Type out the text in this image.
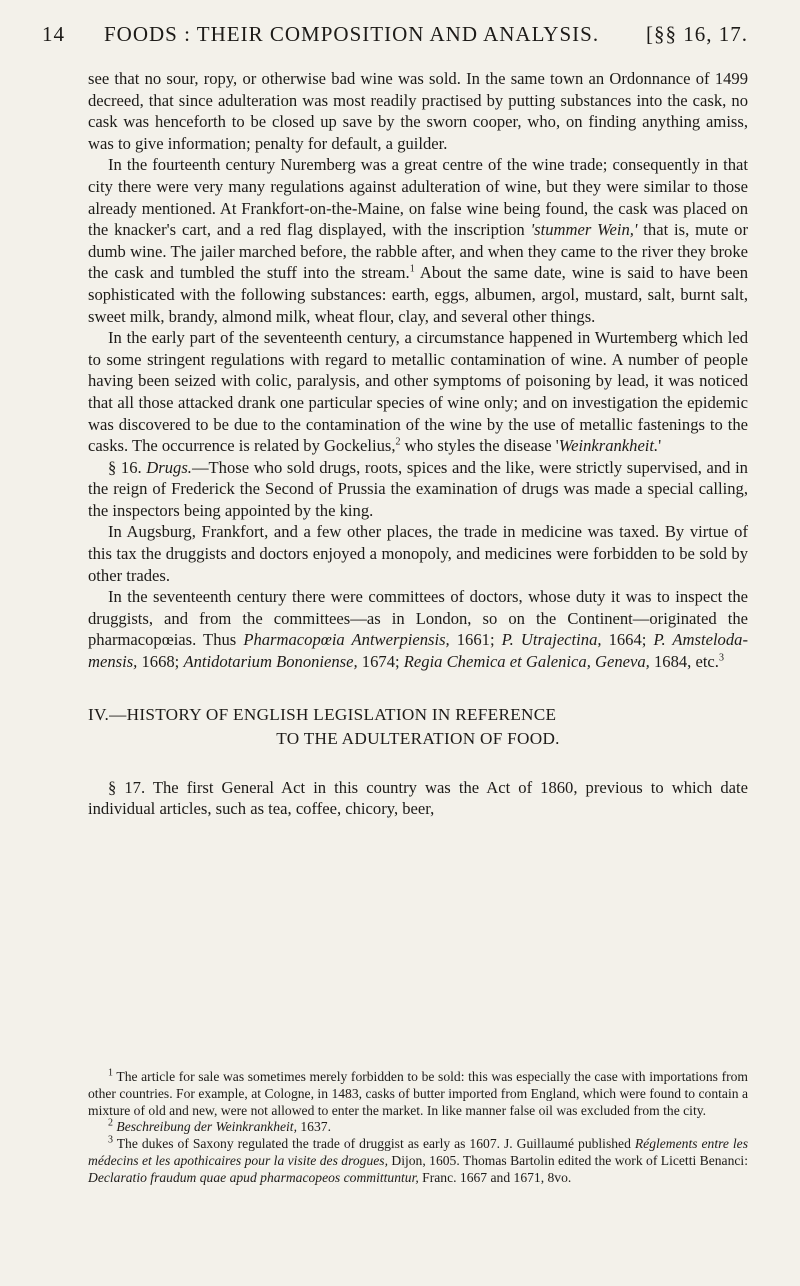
14 FOODS : THEIR COMPOSITION AND ANALYSIS. [§§ 16, 17.

see that no sour, ropy, or otherwise bad wine was sold. In the same town an Ordonnance of 1499 decreed, that since adulteration was most readily practised by putting substances into the cask, no cask was henceforth to be closed up save by the sworn cooper, who, on finding anything amiss, was to give information; penalty for default, a guilder.

In the fourteenth century Nuremberg was a great centre of the wine trade; consequently in that city there were very many regulations against adulteration of wine, but they were similar to those already mentioned. At Frankfort-on-the-Maine, on false wine being found, the cask was placed on the knacker's cart, and a red flag displayed, with the inscription 'stummer Wein,' that is, mute or dumb wine. The jailer marched before, the rabble after, and when they came to the river they broke the cask and tumbled the stuff into the stream.$^1$ About the same date, wine is said to have been sophisticated with the following substances: earth, eggs, albumen, argol, mustard, salt, burnt salt, sweet milk, brandy, almond milk, wheat flour, clay, and several other things.

In the early part of the seventeenth century, a circumstance happened in Wurtemberg which led to some stringent regulations with regard to metallic contamination of wine. A number of people having been seized with colic, paralysis, and other symptoms of poisoning by lead, it was noticed that all those attacked drank one particular species of wine only; and on investigation the epidemic was discovered to be due to the contamination of the wine by the use of metallic fastenings to the casks. The occurrence is related by Gockelius,$^2$ who styles the disease 'Weinkrankheit.'

§ 16. Drugs.—Those who sold drugs, roots, spices and the like, were strictly supervised, and in the reign of Frederick the Second of Prussia the examination of drugs was made a special calling, the inspectors being appointed by the king.

In Augsburg, Frankfort, and a few other places, the trade in medicine was taxed. By virtue of this tax the druggists and doctors enjoyed a monopoly, and medicines were forbidden to be sold by other trades.

In the seventeenth century there were committees of doctors, whose duty it was to inspect the druggists, and from the committees—as in London, so on the Continent—originated the pharmacopœias. Thus Pharmacopœia Antwerpiensis, 1661; P. Utrajectina, 1664; P. Amsteloda-mensis, 1668; Antidotarium Bononiense, 1674; Regia Chemica et Galenica, Geneva, 1684, etc.$^3$

IV.—HISTORY OF ENGLISH LEGISLATION IN REFERENCE
TO THE ADULTERATION OF FOOD.

§ 17. The first General Act in this country was the Act of 1860, previous to which date individual articles, such as tea, coffee, chicory, beer,

$^1$ The article for sale was sometimes merely forbidden to be sold: this was especially the case with importations from other countries. For example, at Cologne, in 1483, casks of butter imported from England, which were found to contain a mixture of old and new, were not allowed to enter the market. In like manner false oil was excluded from the city.

$^2$ Beschreibung der Weinkrankheit, 1637.

$^3$ The dukes of Saxony regulated the trade of druggist as early as 1607. J. Guillaumé published Réglements entre les médecins et les apothicaires pour la visite des drogues, Dijon, 1605. Thomas Bartolin edited the work of Licetti Benanci: Declaratio fraudum quae apud pharmacopeos committuntur, Franc. 1667 and 1671, 8vo.
